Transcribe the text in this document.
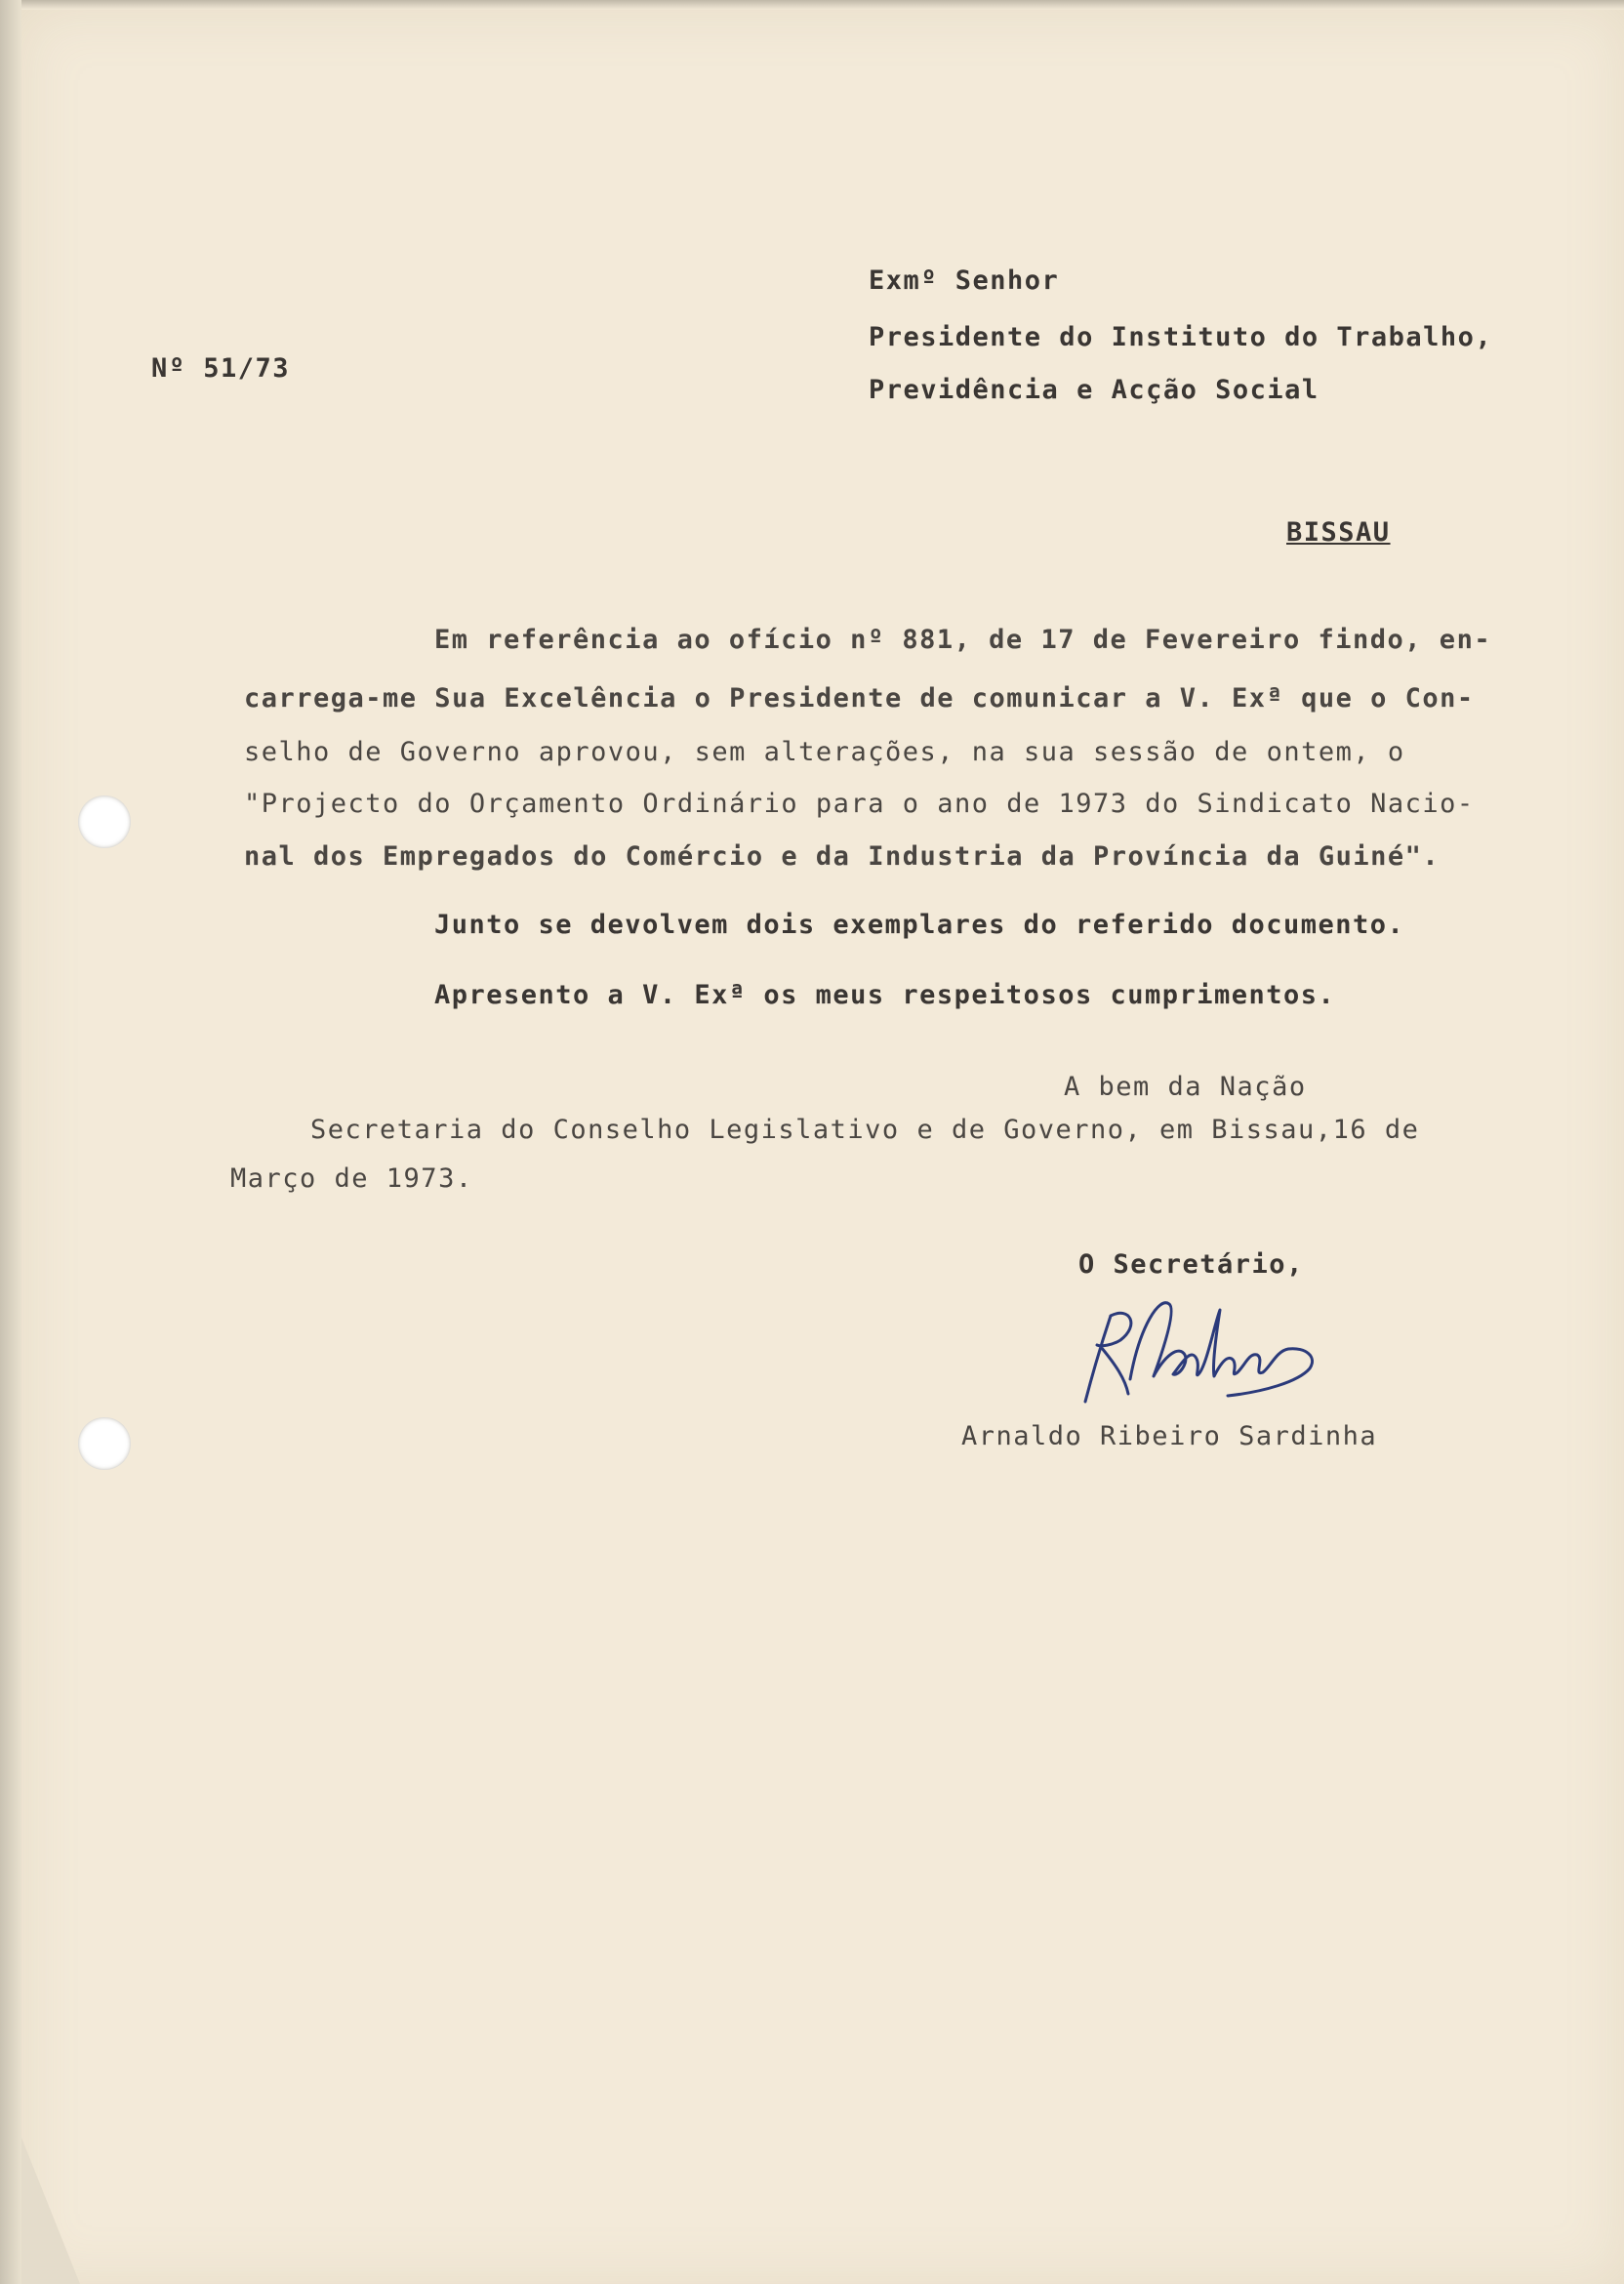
Exmº Senhor

Nº 51/73

Presidente do Instituto do Trabalho,

Previdência e Acção Social

BISSAU

Em referência ao ofício nº 881, de 17 de Fevereiro findo, en-

carrega-me Sua Excelência o Presidente de comunicar a V. Exª que o Con-

selho de Governo aprovou, sem alterações, na sua sessão de ontem, o

"Projecto do Orçamento Ordinário para o ano de 1973 do Sindicato Nacio-

nal dos Empregados do Comércio e da Industria da Província da Guiné".

Junto se devolvem dois exemplares do referido documento.

Apresento a V. Exª os meus respeitosos cumprimentos.

A bem da Nação

Secretaria do Conselho Legislativo e de Governo, em Bissau,16 de

Março de 1973.

O Secretário,

Arnaldo Ribeiro Sardinha
